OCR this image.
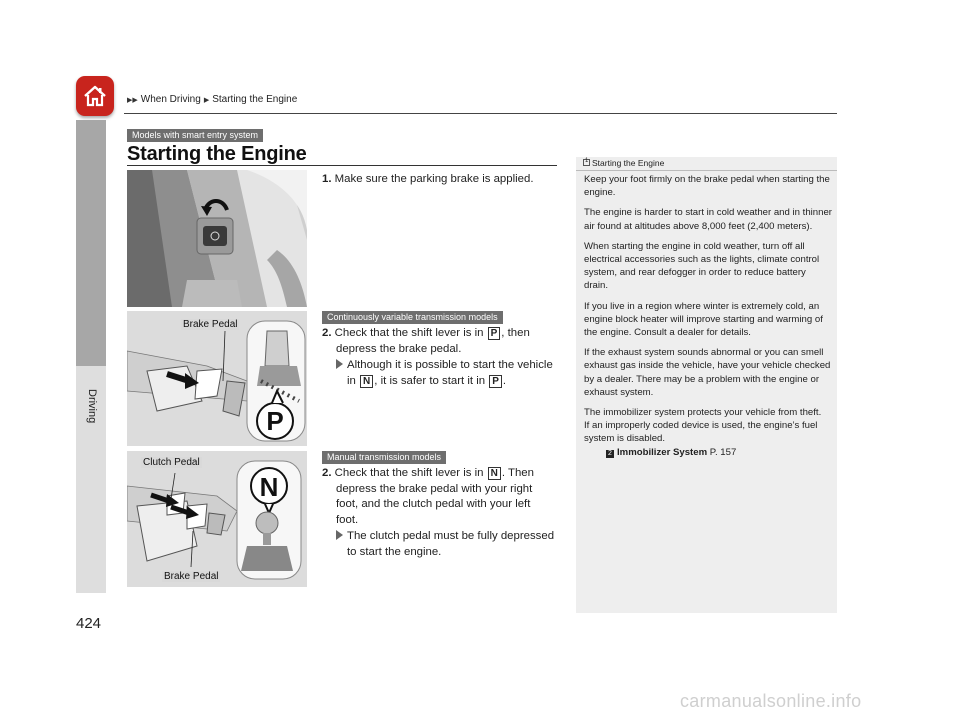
▶▶ When Driving ▶ Starting the Engine
Driving
Models with smart entry system
Starting the Engine
1. Make sure the parking brake is applied.
Continuously variable transmission models
P
Brake Pedal
2. Check that the shift lever is in P , then
depress the brake pedal.
Although it is possible to start the vehicle
in N , it is safer to start it in P .
Manual transmission models
N
Clutch Pedal
Brake Pedal
2. Check that the shift lever is in N . Then
depress the brake pedal with your right
foot, and the clutch pedal with your left
foot.
The clutch pedal must be fully depressed
to start the engine.
1Starting the Engine

Keep your foot firmly on the brake pedal when starting the engine.

The engine is harder to start in cold weather and in thinner air found at altitudes above 8,000 feet (2,400 meters).

When starting the engine in cold weather, turn off all electrical accessories such as the lights, climate control system, and rear defogger in order to reduce battery drain.

If you live in a region where winter is extremely cold, an engine block heater will improve starting and warming of the engine. Consult a dealer for details.

If the exhaust system sounds abnormal or you can smell exhaust gas inside the vehicle, have your vehicle checked by a dealer. There may be a problem with the engine or exhaust system.

The immobilizer system protects your vehicle from theft.

If an improperly coded device is used, the engine’s fuel system is disabled.

2 Immobilizer System P. 157
424
carmanualsonline.info
